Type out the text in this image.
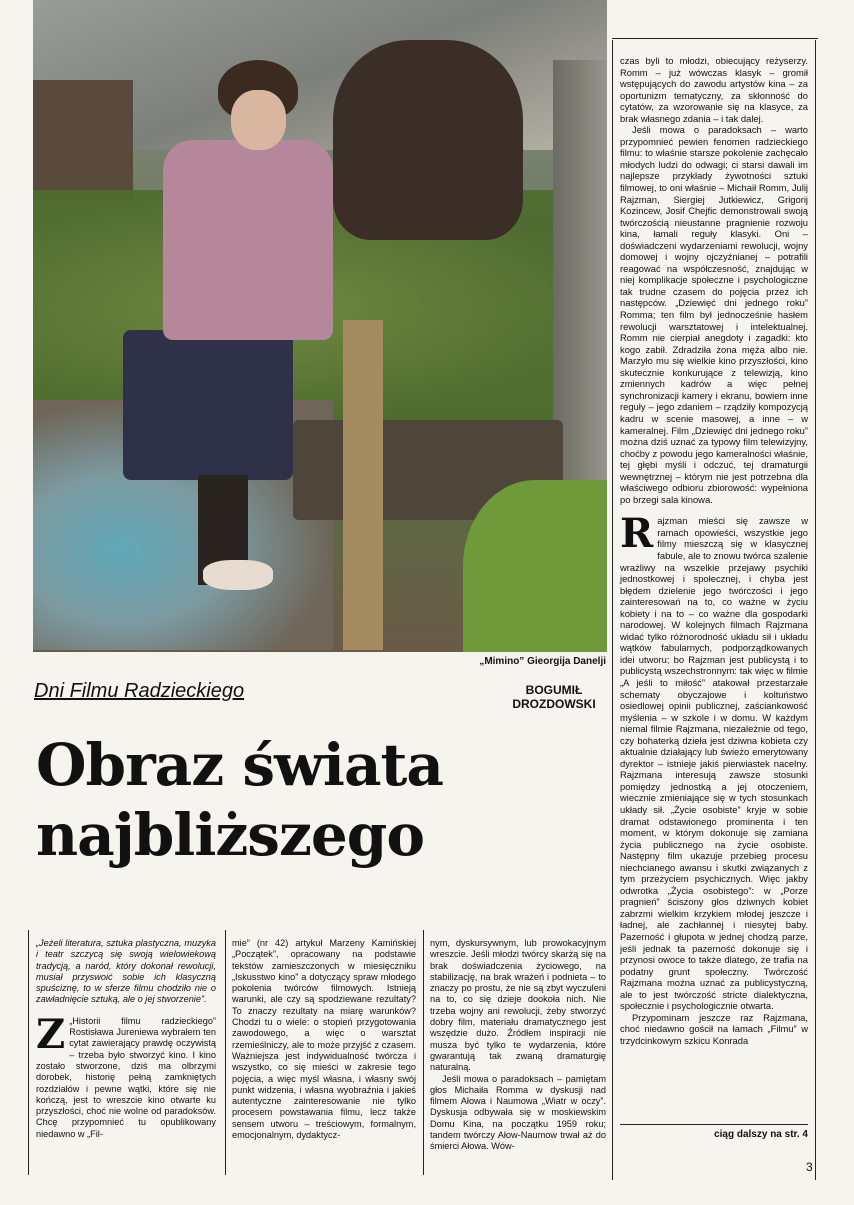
„Mimino” Gieorgija Danelji
Dni Filmu Radzieckiego	BOGUMIŁ
DROZDOWSKI
Obraz świata
najbliższego

„Jeżeli literatura, sztuka plastyczna, muzyka i teatr szczycą się swoją wielowiekową tradycją, a naród, który dokonał rewolucji, musiał przyswoić sobie ich klasyczną spuściznę, to w sferze filmu chodziło nie o zawładnięcie sztuką, ale o jej stworzenie”.

Z „Historii filmu radzieckiego” Rostisława Jureniewa wybrałem ten cytat zawierający prawdę oczywistą – trzeba było stworzyć kino. I kino zostało stworzone, dziś ma olbrzymi dorobek, historię pełną zamkniętych rozdziałów i pewne wątki, które się nie kończą, jest to wreszcie kino otwarte ku przyszłości, choć nie wolne od paradoksów. Chcę przypomnieć tu opublikowany niedawno w „Fil-

mie” (nr 42) artykuł Marzeny Kamińskiej „Początek”, opracowany na podstawie tekstów zamieszczonych w miesięczniku „Iskusstwo kino” a dotyczący spraw młodego pokolenia twórców filmowych. Istnieją warunki, ale czy są spodziewane rezultaty? To znaczy rezultaty na miarę warunków? Chodzi tu o wiele: o stopień przygotowania zawodowego, a więc o warsztat rzemieślniczy, ale to może przyjść z czasem. Ważniejsza jest indywidualność twórcza i wszystko, co się mieści w zakresie tego pojęcia, a więc myśl własna, i własny swój punkt widzenia, i własna wyobraźnia i jakieś autentyczne zainteresowanie nie tylko procesem powstawania filmu, lecz także sensem utworu – treściowym, formalnym, emocjonalnym, dydaktycz-

nym, dyskursywnym, lub prowokacyjnym wreszcie. Jeśli młodzi twórcy skarżą się na brak doświadczenia życiowego, na stabilizację, na brak wrażeń i podnieta – to znaczy po prostu, że nie są zbyt wyczuleni na to, co się dzieje dookoła nich. Nie trzeba wojny ani rewolucji, żeby stworzyć dobry film, materiału dramatycznego jest wszędzie dużo. Źródłem inspiracji nie musza być tylko te wydarzenia, które gwarantują tak zwaną dramaturgię naturalną.

Jeśli mowa o paradoksach – pamiętam głos Michaiła Romma w dyskusji nad filmem Ałowa i Naumowa „Wiatr w oczy”. Dyskusja odbywała się w moskiewskim Domu Kina, na początku 1959 roku; tandem twórczy Ałow-Naumow trwał aż do śmierci Ałowa. Wów-

czas byli to młodzi, obiecujący reżyserzy. Romm – już wówczas klasyk – gromił wstępujących do zawodu artystów kina – za oportunizm tematyczny, za skłonność do cytatów, za wzorowanie się na klasyce, za brak własnego zdania – i tak dalej.

Jeśli mowa o paradoksach – warto przypomnieć pewien fenomen radzieckiego filmu: to właśnie starsze pokolenie zachęcało młodych ludzi do odwagi; ci starsi dawali im najlepsze przykłady żywotności sztuki filmowej, to oni właśnie – Michaił Romm, Julij Rajzman, Siergiej Jutkiewicz, Grigorij Kozincew, Josif Chejfic demonstrowali swoją twórczością nieustanne pragnienie rozwoju kina, łamali reguły klasyki. Oni – doświadczeni wydarzeniami rewolucji, wojny domowej i wojny ojczyźnianej – potrafili reagować na współczesność, znajdując w niej komplikacje społeczne i psychologiczne tak trudne czasem do pojęcia przez ich następców. „Dziewięć dni jednego roku” Romma; ten film był jednocześnie hasłem rewolucji warsztatowej i intelektualnej. Romm nie cierpiał anegdoty i zagadki: kto kogo zabił. Zdradziła żona męża albo nie. Marzyło mu się wielkie kino przyszłości, kino skutecznie konkurujące z telewizją, kino zmiennych kadrów a więc pełnej synchronizacji kamery i ekranu, bowiem inne reguły – jego zdaniem – rządziły kompozycją kadru w scenie masowej, a inne – w kameralnej. Film „Dziewięć dni jednego roku” można dziś uznać za typowy film telewizyjny, choćby z powodu jego kameralności właśnie, tej głębi myśli i odczuć, tej dramaturgii wewnętrznej – którym nie jest potrzebna dla właściwego odbioru zbiorowość: wypełniona po brzegi sala kinowa.

Rajzman mieści się zawsze w ramach opowieści, wszystkie jego filmy mieszczą się w klasycznej fabule, ale to znowu twórca szalenie wrażliwy na wszelkie przejawy psychiki jednostkowej i społecznej, i chyba jest błędem dzielenie jego twórczości i jego zainteresowań na to, co ważne w życiu kobiety i na to – co ważne dla gospodarki narodowej. W kolejnych filmach Rajzmana widać tylko różnorodność układu sił i układu wątków fabularnych, podporządkowanych idei utworu; bo Rajzman jest publicystą i to publicystą wszechstronnym: tak więc w filmie „A jeśli to miłość” atakował przestarzałe schematy obyczajowe i koltuństwo osiedlowej opinii publicznej, zaściankowość myślenia – w szkole i w domu. W każdym niemal filmie Rajzmana, niezależnie od tego, czy bohaterką dzieła jest dziwna kobieta czy aktualnie działający lub świeżo emerytowany dyrektor – istnieje jakiś pierwiastek nacelny. Rajzmana interesują zawsze stosunki pomiędzy jednostką a jej otoczeniem, wiecznie zmieniające się w tych stosunkach układy sił. „Życie osobiste” kryje w sobie dramat odstawionego prominenta i ten moment, w którym dokonuje się zamiana życia publicznego na życie osobiste. Następny film ukazuje przebieg procesu niechcianego awansu i skutki związanych z tym przeżyciem psychicznych. Więc jakby odwrotka „Życia osobistego”: w „Porze pragnień” ściszony głos dziwnych kobiet zabrzmi wielkim krzykiem młodej jeszcze i ładnej, ale zachłannej i niesytej baby. Pazerność i głupota w jednej chodzą parze, jeśli jednak ta pazerność dokonuje się i przynosi owoce to także dlatego, że trafia na podatny grunt społeczny. Twórczość Rajzmana można uznać za publicystyczną, ale to jest twórczość stricte dialektyczna, społecznie i psychologicznie otwarta.

Przypominam jeszcze raz Rajzmana, choć niedawno gościł na łamach „Filmu” w trzydcinkowym szkicu Konrada

ciąg dalszy na str. 4
3
